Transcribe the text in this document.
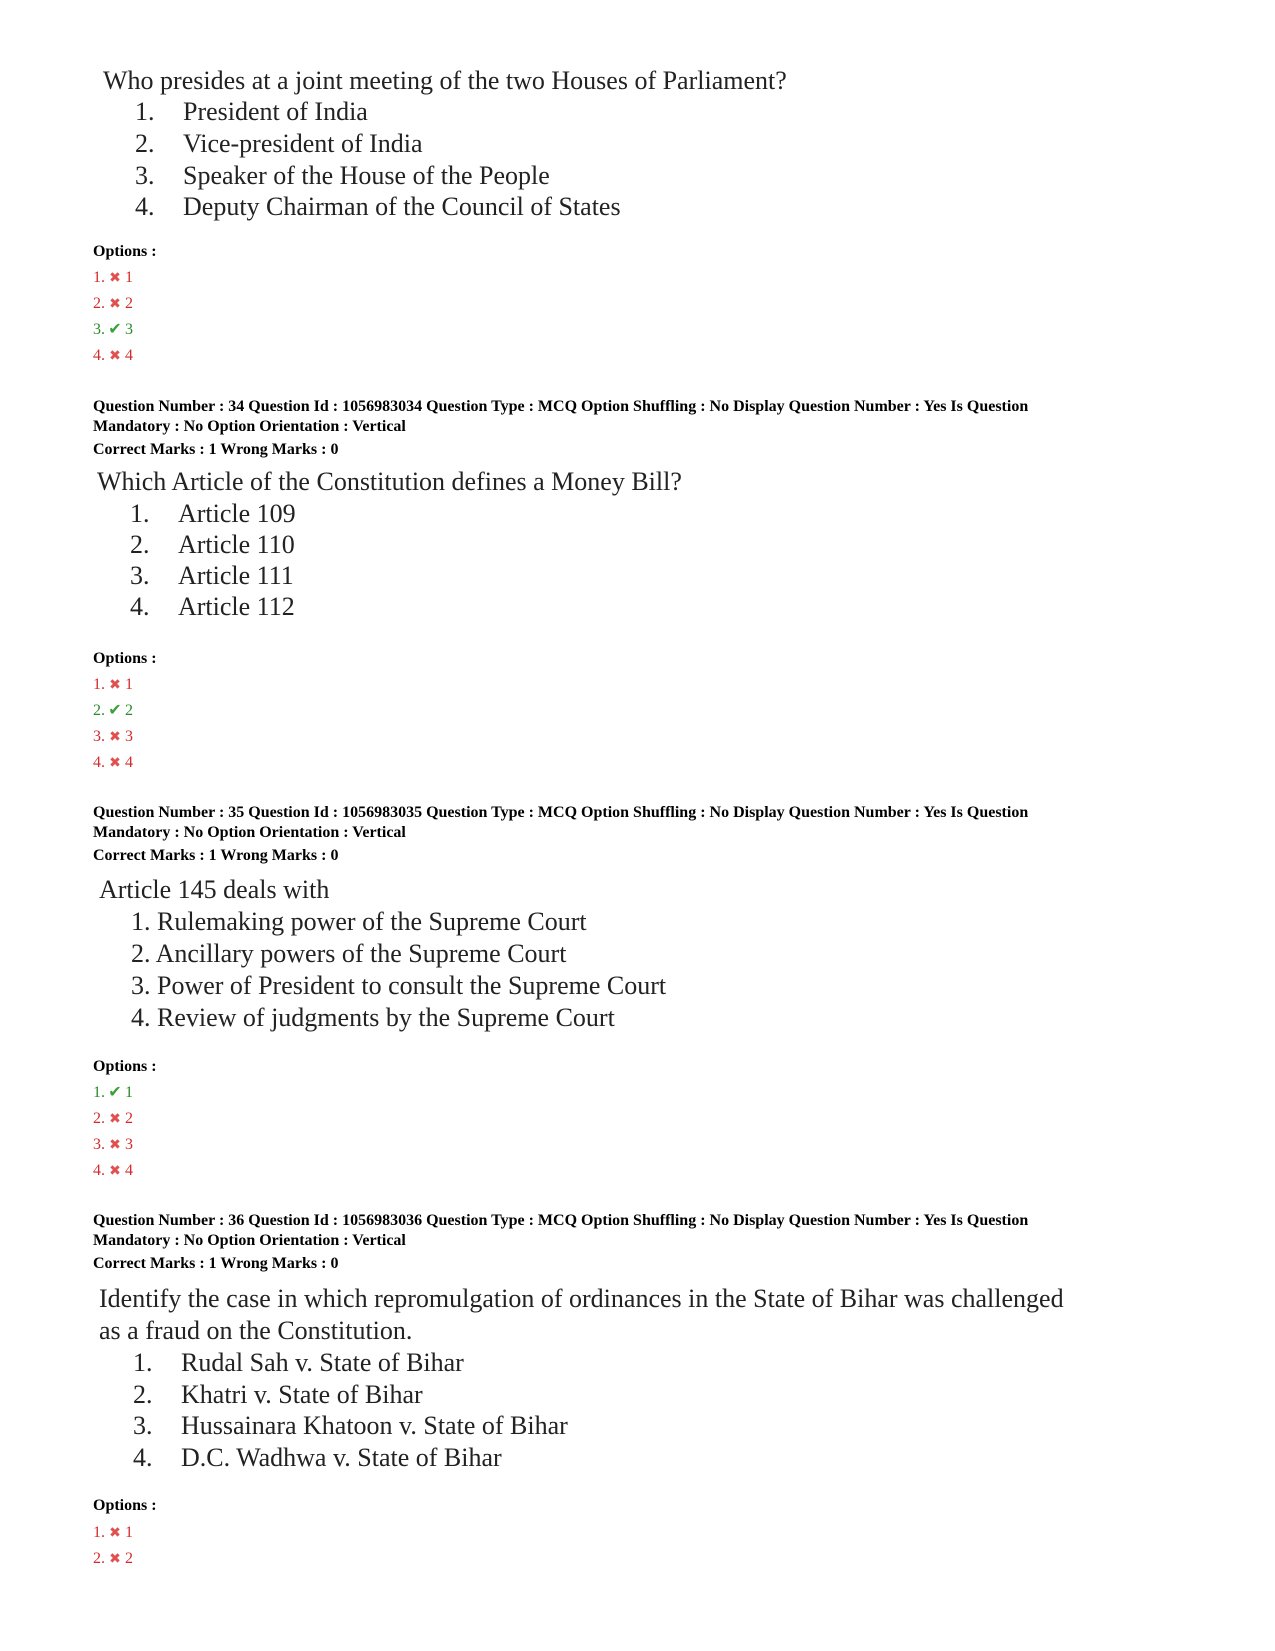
Who presides at a joint meeting of the two Houses of Parliament?
1. President of India
2. Vice-president of India
3. Speaker of the House of the People
4. Deputy Chairman of the Council of States
Options :
1. ✖ 1
2. ✖ 2
3. ✔ 3
4. ✖ 4
Question Number : 34 Question Id : 1056983034 Question Type : MCQ Option Shuffling : No Display Question Number : Yes Is Question
Mandatory : No Option Orientation : Vertical
Correct Marks : 1 Wrong Marks : 0
Which Article of the Constitution defines a Money Bill?
1. Article 109
2. Article 110
3. Article 111
4. Article 112
Options :
1. ✖ 1
2. ✔ 2
3. ✖ 3
4. ✖ 4
Question Number : 35 Question Id : 1056983035 Question Type : MCQ Option Shuffling : No Display Question Number : Yes Is Question
Mandatory : No Option Orientation : Vertical
Correct Marks : 1 Wrong Marks : 0
Article 145 deals with
1. Rulemaking power of the Supreme Court
2. Ancillary powers of the Supreme Court
3. Power of President to consult the Supreme Court
4. Review of judgments by the Supreme Court
Options :
1. ✔ 1
2. ✖ 2
3. ✖ 3
4. ✖ 4
Question Number : 36 Question Id : 1056983036 Question Type : MCQ Option Shuffling : No Display Question Number : Yes Is Question
Mandatory : No Option Orientation : Vertical
Correct Marks : 1 Wrong Marks : 0
Identify the case in which repromulgation of ordinances in the State of Bihar was challenged
as a fraud on the Constitution.
1. Rudal Sah v. State of Bihar
2. Khatri v. State of Bihar
3. Hussainara Khatoon v. State of Bihar
4. D.C. Wadhwa v. State of Bihar
Options :
1. ✖ 1
2. ✖ 2
